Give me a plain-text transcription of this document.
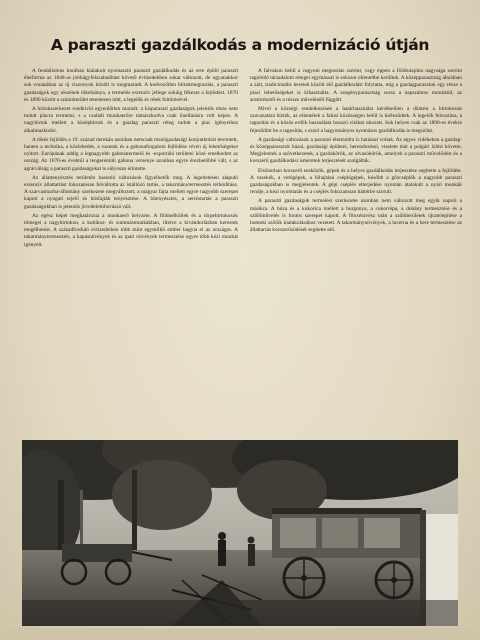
A paraszti gazdálkodás a modernizáció útján

A feudalizmus korában kialakult nyomasztó paraszti gazdálkodás és az erre épülő paraszti életforma az 1848-as jobbágyfelszabadítást követő évtizedekben sokat változott, de ugyanakkor sok vonásában az új viszonyok között is megmaradt. A kedvezőtlen birtokmegoszlás, a paraszti gazdaságok egy részének tőkehiánya, a termelés extenzív jellege sokáig fékezte a fejlődést. 1870 és 1890 között a szántóterület tetemesen nőtt, a legelők és rétek feltörésével.

A birtokszerkezet rendkívül egyenlőtlen maradt: a kisparaszti gazdaságok jelentős része nem tudott piacra termelni, s a családi munkaerőre támaszkodva csak önellátásra volt képes. A nagybirtok mellett a középbirtok és a gazdag paraszti réteg tudott a piac igényeihez alkalmazkodni.

A tőkés fejlődés a 19. század derekán azonban nemcsak mezőgazdasági konjunktúrát teremtett, hanem a technika, a közlekedés, a vasutak és a gabonaforgalom fejlődése révén új lehetőségeket nyitott. Európának addig a legnagyobb gabonatermelő és -exportáló területei közé emelkedett az ország. Az 1870-es évektől a tengerentúli gabona versenye azonban egyre érezhetőbbé vált, s az agrárválság a paraszti gazdaságokat is súlyosan érintette.

Az állattenyésztés területén hasonló változások figyelhetők meg. A legeltetésen alapuló extenzív állattartást fokozatosan felváltotta az istállózó tartás, a takarmánytermesztés térhódítása. A szarvasmarha-állomány szerkezete megváltozott, a magyar fajta mellett egyre nagyobb szerepet kapott a nyugati tejelő és húsfajták tenyésztése. A lótenyésztés, a sertéstartás a paraszti gazdaságokban is jelentős jövedelemforrássá vált.

Az egész képet meghatározta a munkaerő helyzete. A földnélküliek és a törpebirtokosok tömegei a nagybirtokon, a kubikos- és summásmunkákban, illetve a kivándorlásban kerestek megélhetést. A századforduló évtizedeiben több mint egymillió ember hagyta el az országot. A takarmánytermesztés, a kapásnövények és az ipari növények termesztése egyre több kézi munkát igényelt.

A falvakon belül a vagyoni megoszlás szerint, vagy éppen a földtulajdon nagysága szerint tagolódó társadalom rétegei egymással is sokszor ellentétbe kerültek. A középparasztság általában a zárt, tradicionális keretek között élő gazdálkodást folytatta, míg a gazdagparasztok egy része a piaci lehetőségeket is kihasználta. A szegényparasztság sorsa a napszámos munkától, az aratórésztől és a részes műveléstől függött.

Mivel a községi rendelkezések a határhasználat kérdéseiben a döntést a birtokosok szavazatára bízták, az ellentétek a falusi közösségen belül is kiéleződtek. A legelők felosztása, a tagosítás és a közös erdők használata hosszú vitákat okozott. Sok helyen csak az 1890-es évekre fejeződött be a tagosítás, s ezzel a hagyományos nyomásos gazdálkodás is megszűnt.

A gazdasági változások a paraszti életmódra is hatással voltak. Az egyes vidékeken a gazdag- és középparasztok házai, gazdasági épületei, berendezései, viselete már a polgári ízlést követte. Megjelentek a szövetkezetek, a gazdakörök, az olvasókörök, amelyek a paraszti művelődést és a korszerű gazdálkodási ismeretek terjesztését szolgálták.

Elsősorban korszerű eszközök, gépek és a helyes gazdálkodás terjesztése segítette a fejlődést. A vasekék, a vetőgépek, a lóhajtású cséplőgépek, később a gőzcséplők a nagyobb paraszti gazdaságokban is megjelentek. A gépi cséplés elterjedése nyomán átalakult a nyári munkák rendje, a kézi nyomtatás és a cséplés fokozatosan háttérbe szorult.

A paraszti gazdaságok termelési szerkezete azonban nem változott meg egyik napról a másikra. A búza és a kukorica mellett a burgonya, a cukorrépa, a dohány termesztése és a szőlőművelés is fontos szerepet kapott. A filoxéravész után a szőlőterületek újratelepítése a homoki szőlők kialakulásához vezetett. A takarmánynövények, a lucerna és a here termesztése az állattartás korszerűsödését segítette elő.
